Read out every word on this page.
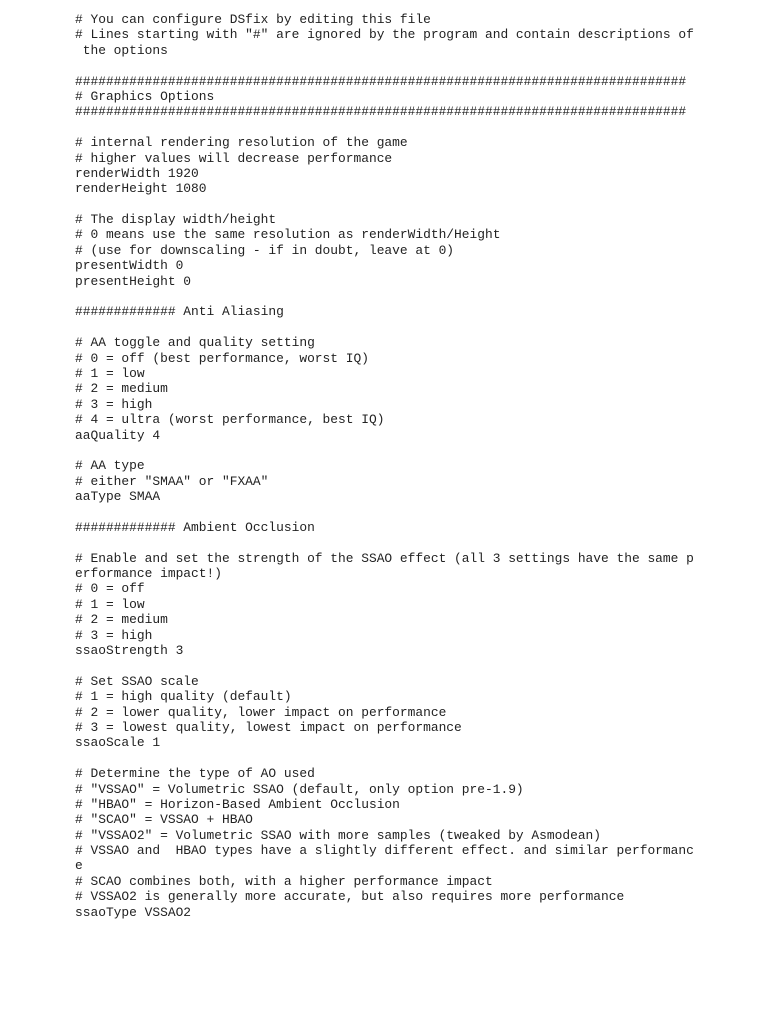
# You can configure DSfix by editing this file
# Lines starting with "#" are ignored by the program and contain descriptions of
the options
###############################################################################
# Graphics Options
###############################################################################
# internal rendering resolution of the game
# higher values will decrease performance
renderWidth 1920
renderHeight 1080
# The display width/height
# 0 means use the same resolution as renderWidth/Height
# (use for downscaling - if in doubt, leave at 0)
presentWidth 0
presentHeight 0
############# Anti Aliasing
# AA toggle and quality setting
# 0 = off (best performance, worst IQ)
# 1 = low
# 2 = medium
# 3 = high
# 4 = ultra (worst performance, best IQ)
aaQuality 4
# AA type
# either "SMAA" or "FXAA"
aaType SMAA
############# Ambient Occlusion
# Enable and set the strength of the SSAO effect (all 3 settings have the same p
erformance impact!)
# 0 = off
# 1 = low
# 2 = medium
# 3 = high
ssaoStrength 3
# Set SSAO scale
# 1 = high quality (default)
# 2 = lower quality, lower impact on performance
# 3 = lowest quality, lowest impact on performance
ssaoScale 1
# Determine the type of AO used
# "VSSAO" = Volumetric SSAO (default, only option pre-1.9)
# "HBAO" = Horizon-Based Ambient Occlusion
# "SCAO" = VSSAO + HBAO
# "VSSAO2" = Volumetric SSAO with more samples (tweaked by Asmodean)
# VSSAO and  HBAO types have a slightly different effect. and similar performanc
e
# SCAO combines both, with a higher performance impact
# VSSAO2 is generally more accurate, but also requires more performance
ssaoType VSSAO2
